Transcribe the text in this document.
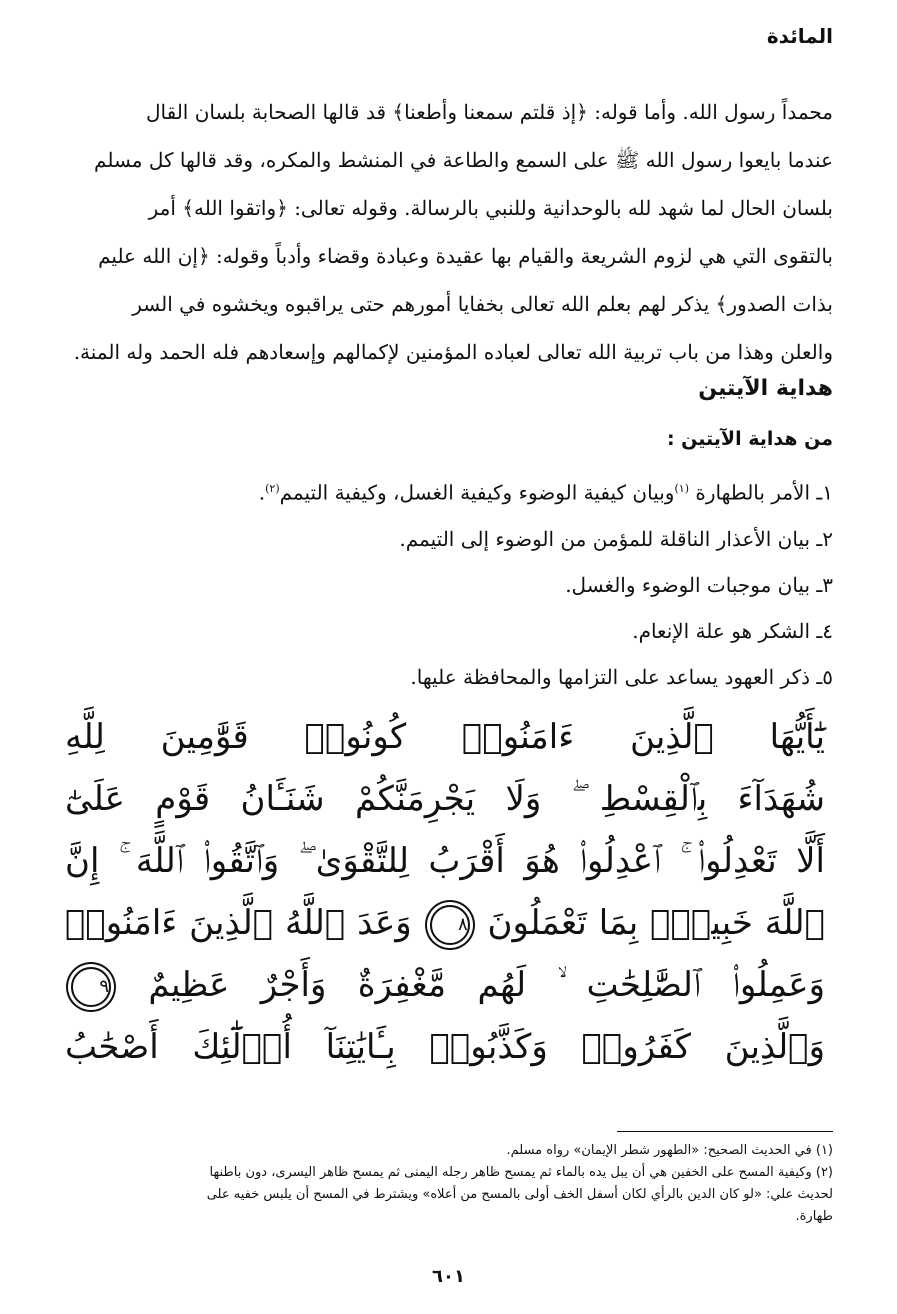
المائدة

محمداً رسول الله. وأما قوله: ﴿إذ قلتم سمعنا وأطعنا﴾ قد قالها الصحابة بلسان القال

عندما بايعوا رسول الله ﷺ على السمع والطاعة في المنشط والمكره، وقد قالها كل مسلم

بلسان الحال لما شهد لله بالوحدانية وللنبي بالرسالة. وقوله تعالى: ﴿واتقوا الله﴾ أمر

بالتقوى التي هي لزوم الشريعة والقيام بها عقيدة وعبادة وقضاء وأدباً وقوله: ﴿إن الله عليم

بذات الصدور﴾ يذكر لهم بعلم الله تعالى بخفايا أمورهم حتى يراقبوه ويخشوه في السر

والعلن وهذا من باب تربية الله تعالى لعباده المؤمنين لإكمالهم وإسعادهم فله الحمد وله المنة.

هداية الآيتين
من هداية الآيتين :
١ـ الأمر بالطهارة $^{(١)}$وبيان كيفية الوضوء وكيفية الغسل، وكيفية التيمم$^{(٢)}$.
٢ـ بيان الأعذار الناقلة للمؤمن من الوضوء إلى التيمم.
٣ـ بيان موجبات الوضوء والغسل.
٤ـ الشكر هو علة الإنعام.
٥ـ ذكر العهود يساعد على التزامها والمحافظة عليها.
يَٰٓأَيُّهَا ٱلَّذِينَ ءَامَنُوا۟ كُونُوا۟ قَوَّٰمِينَ لِلَّهِ
شُهَدَآءَ بِٱلْقِسْطِ ۖ وَلَا يَجْرِمَنَّكُمْ شَنَـَٔانُ قَوْمٍ عَلَىٰٓ
أَلَّا تَعْدِلُوا۟ ۚ ٱعْدِلُوا۟ هُوَ أَقْرَبُ لِلتَّقْوَىٰ ۖ وَٱتَّقُوا۟ ٱللَّهَ ۚ إِنَّ
ٱللَّهَ خَبِيرٌۢ بِمَا تَعْمَلُونَ ٨ وَعَدَ ٱللَّهُ ٱلَّذِينَ ءَامَنُوا۟
وَعَمِلُوا۟ ٱلصَّٰلِحَٰتِ ۙ لَهُم مَّغْفِرَةٌ وَأَجْرٌ عَظِيمٌ ٩
وَٱلَّذِينَ كَفَرُوا۟ وَكَذَّبُوا۟ بِـَٔايَٰتِنَآ أُو۟لَٰٓئِكَ أَصْحَٰبُ

(١) في الحديث الصحيح: «الطهور شطر الإيمان» رواه مسلم.

(٢) وكيفية المسح على الخفين هي أن يبل يده بالماء ثم يمسح ظاهر رجله اليمنى ثم يمسح ظاهر اليسرى، دون باطنها

لحديث علي: «لو كان الدين بالرأي لكان أسفل الخف أولى بالمسح من أعلاه» ويشترط في المسح أن يلبس خفيه على

طهارة.

٦٠١
